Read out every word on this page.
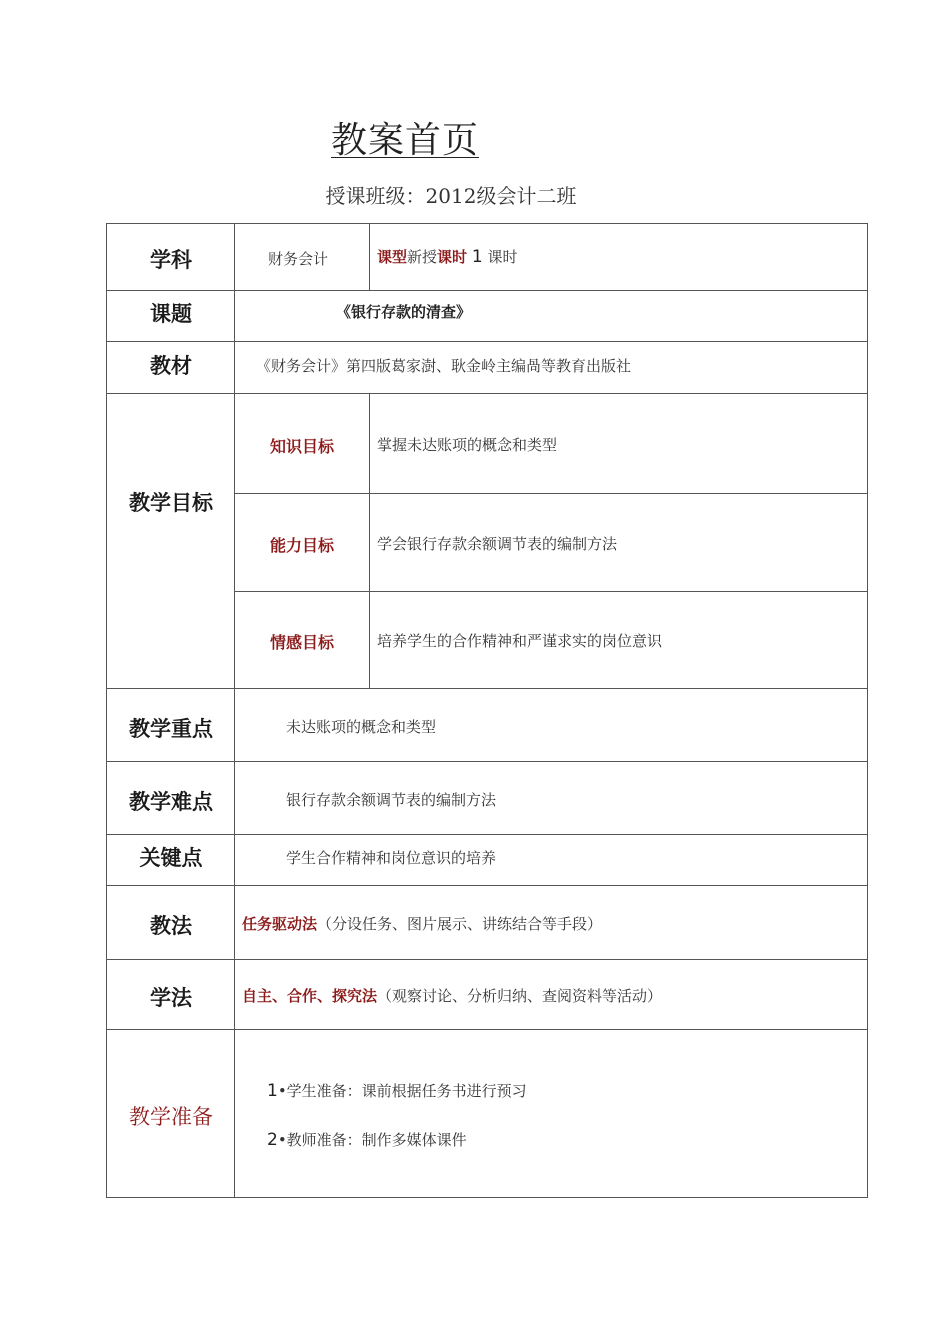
教案首页
授课班级：2012级会计二班
学科	财务会计	课型新授课时 1 课时
课题	《银行存款的清查》
教材	《财务会计》第四版葛家澍、耿金岭主编咼等教育出版社
教学目标
知识目标	掌握未达账项的概念和类型
能力目标	学会银行存款余额调节表的编制方法
情感目标	培养学生的合作精神和严谨求实的岗位意识
教学重点	未达账项的概念和类型
教学难点	银行存款余额调节表的编制方法
关键点	学生合作精神和岗位意识的培养
教法	任务驱动法（分设任务、图片展示、讲练结合等手段）
学法	自主、合作、探究法（观察讨论、分析归纳、查阅资料等活动）
教学准备
1•学生准备：课前根据任务书进行预习
2•教师准备：制作多媒体课件
